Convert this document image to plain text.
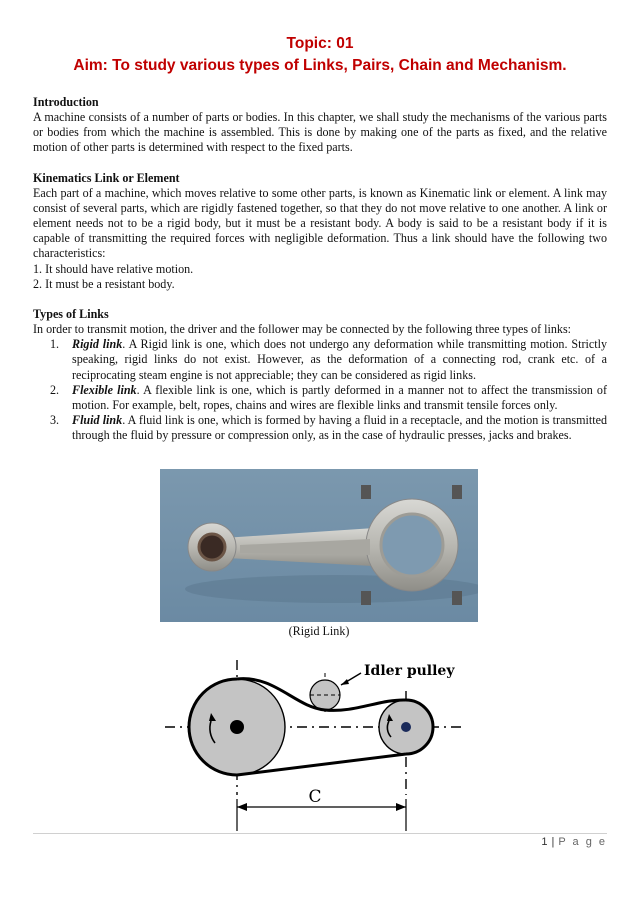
Topic: 01
Aim: To study various types of Links, Pairs, Chain and Mechanism.
Introduction

A machine consists of a number of parts or bodies. In this chapter, we shall study the mechanisms of the various parts or bodies from which the machine is assembled. This is done by making one of the parts as fixed, and the relative motion of other parts is determined with respect to the fixed parts.

Kinematics Link or Element

Each part of a machine, which moves relative to some other parts, is known as Kinematic link or element. A link may consist of several parts, which are rigidly fastened together, so that they do not move relative to one another. A link or element needs not to be a rigid body, but it must be a resistant body. A body is said to be a resistant body if it is capable of transmitting the required forces with negligible deformation. Thus a link should have the following two characteristics:

1. It should have relative motion.

2. It must be a resistant body.

Types of Links

In order to transmit motion, the driver and the follower may be connected by the following three types of links:

1. Rigid link. A Rigid link is one, which does not undergo any deformation while transmitting motion. Strictly speaking, rigid links do not exist. However, as the deformation of a connecting rod, crank etc. of a reciprocating steam engine is not appreciable; they can be considered as rigid links.
2. Flexible link. A flexible link is one, which is partly deformed in a manner not to affect the transmission of motion. For example, belt, ropes, chains and wires are flexible links and transmit tensile forces only.
3. Fluid link. A fluid link is one, which is formed by having a fluid in a receptacle, and the motion is transmitted through the fluid by pressure or compression only, as in the case of hydraulic presses, jacks and brakes.
(Rigid Link)
Idler pulley
C
1 | P a g e
